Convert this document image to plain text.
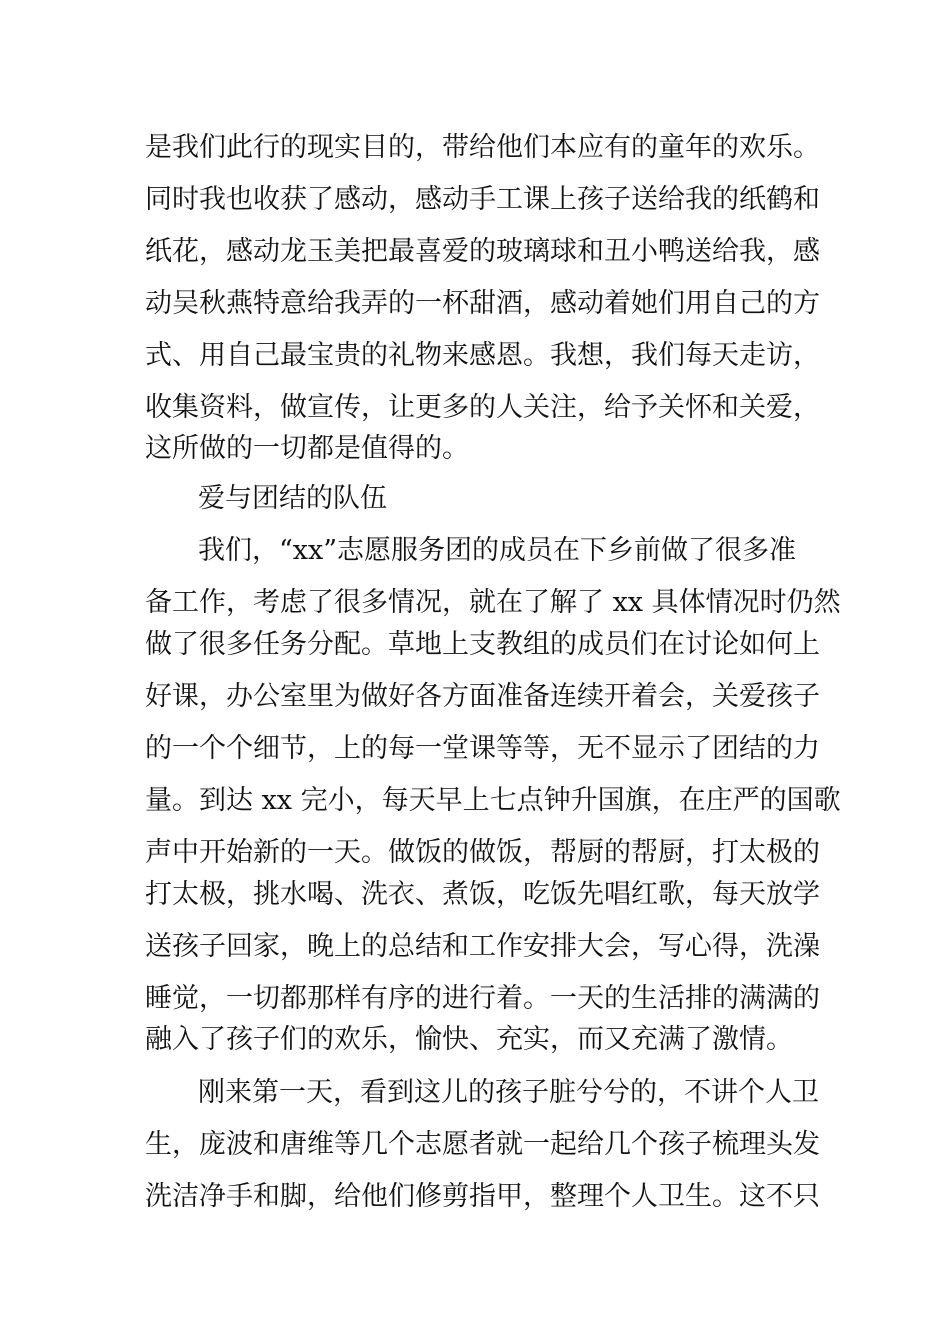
是我们此行的现实目的，带给他们本应有的童年的欢乐。
同时我也收获了感动，感动手工课上孩子送给我的纸鹤和
纸花，感动龙玉美把最喜爱的玻璃球和丑小鸭送给我，感
动吴秋燕特意给我弄的一杯甜酒，感动着她们用自己的方
式、用自己最宝贵的礼物来感恩。我想，我们每天走访，
收集资料，做宣传，让更多的人关注，给予关怀和关爱，
这所做的一切都是值得的。
爱与团结的队伍
我们，“xx”志愿服务团的成员在下乡前做了很多准
备工作，考虑了很多情况，就在了解了 xx 具体情况时仍然
做了很多任务分配。草地上支教组的成员们在讨论如何上
好课，办公室里为做好各方面准备连续开着会，关爱孩子
的一个个细节，上的每一堂课等等，无不显示了团结的力
量。到达 xx 完小，每天早上七点钟升国旗，在庄严的国歌
声中开始新的一天。做饭的做饭，帮厨的帮厨，打太极的
打太极，挑水喝、洗衣、煮饭，吃饭先唱红歌，每天放学
送孩子回家，晚上的总结和工作安排大会，写心得，洗澡
睡觉，一切都那样有序的进行着。一天的生活排的满满的
融入了孩子们的欢乐，愉快、充实，而又充满了激情。
刚来第一天，看到这儿的孩子脏兮兮的，不讲个人卫
生，庞波和唐维等几个志愿者就一起给几个孩子梳理头发
洗洁净手和脚，给他们修剪指甲，整理个人卫生。这不只
